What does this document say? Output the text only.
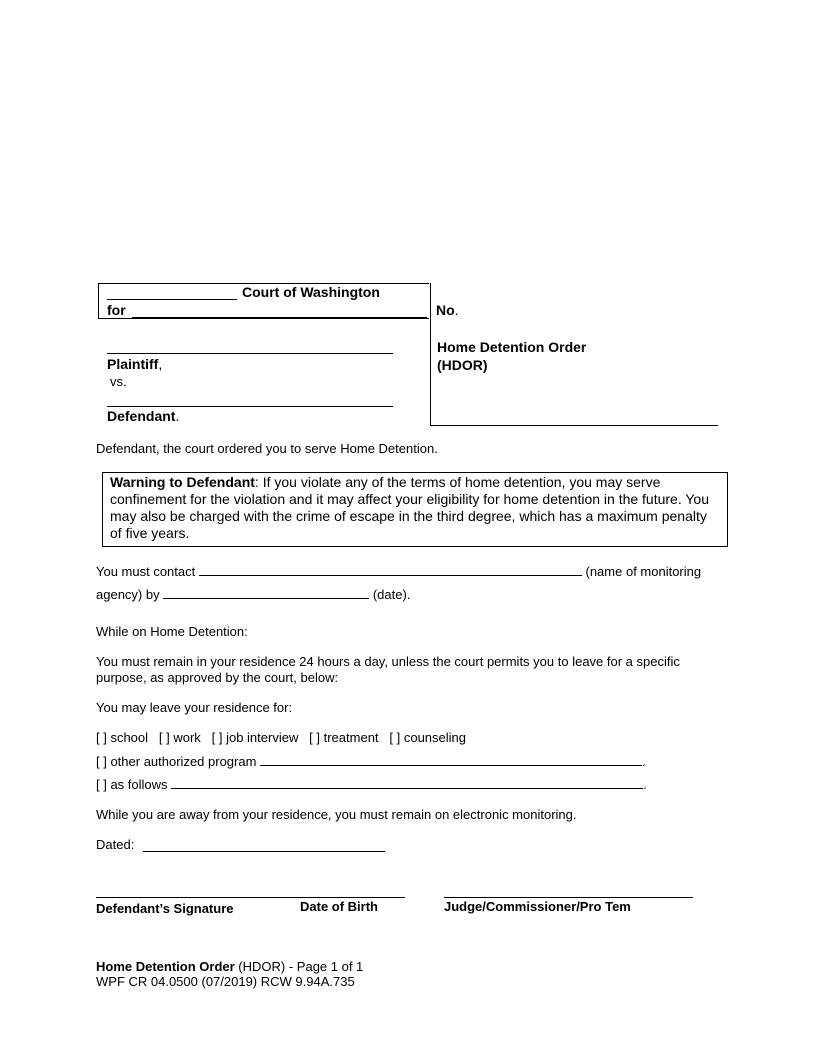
Court of Washington
for	No.
Home Detention Order
(HDOR)
Plaintiff,
vs.
Defendant.
Defendant, the court ordered you to serve Home Detention.
Warning to Defendant: If you violate any of the terms of home detention, you may serve confinement for the violation and it may affect your eligibility for home detention in the future. You may also be charged with the crime of escape in the third degree, which has a maximum penalty of five years.
You must contact	(name of monitoring
agency) by	(date).
While on Home Detention:
You must remain in your residence 24 hours a day, unless the court permits you to leave for a specific purpose, as approved by the court, below:
You may leave your residence for:
[ ] school [ ] work [ ] job interview [ ] treatment [ ] counseling
[ ] other authorized program	.
[ ] as follows	.
While you are away from your residence, you must remain on electronic monitoring.
Dated:
Defendant’s Signature	Date of Birth	Judge/Commissioner/Pro Tem
Home Detention Order (HDOR) - Page 1 of 1
WPF CR 04.0500 (07/2019) RCW 9.94A.735
